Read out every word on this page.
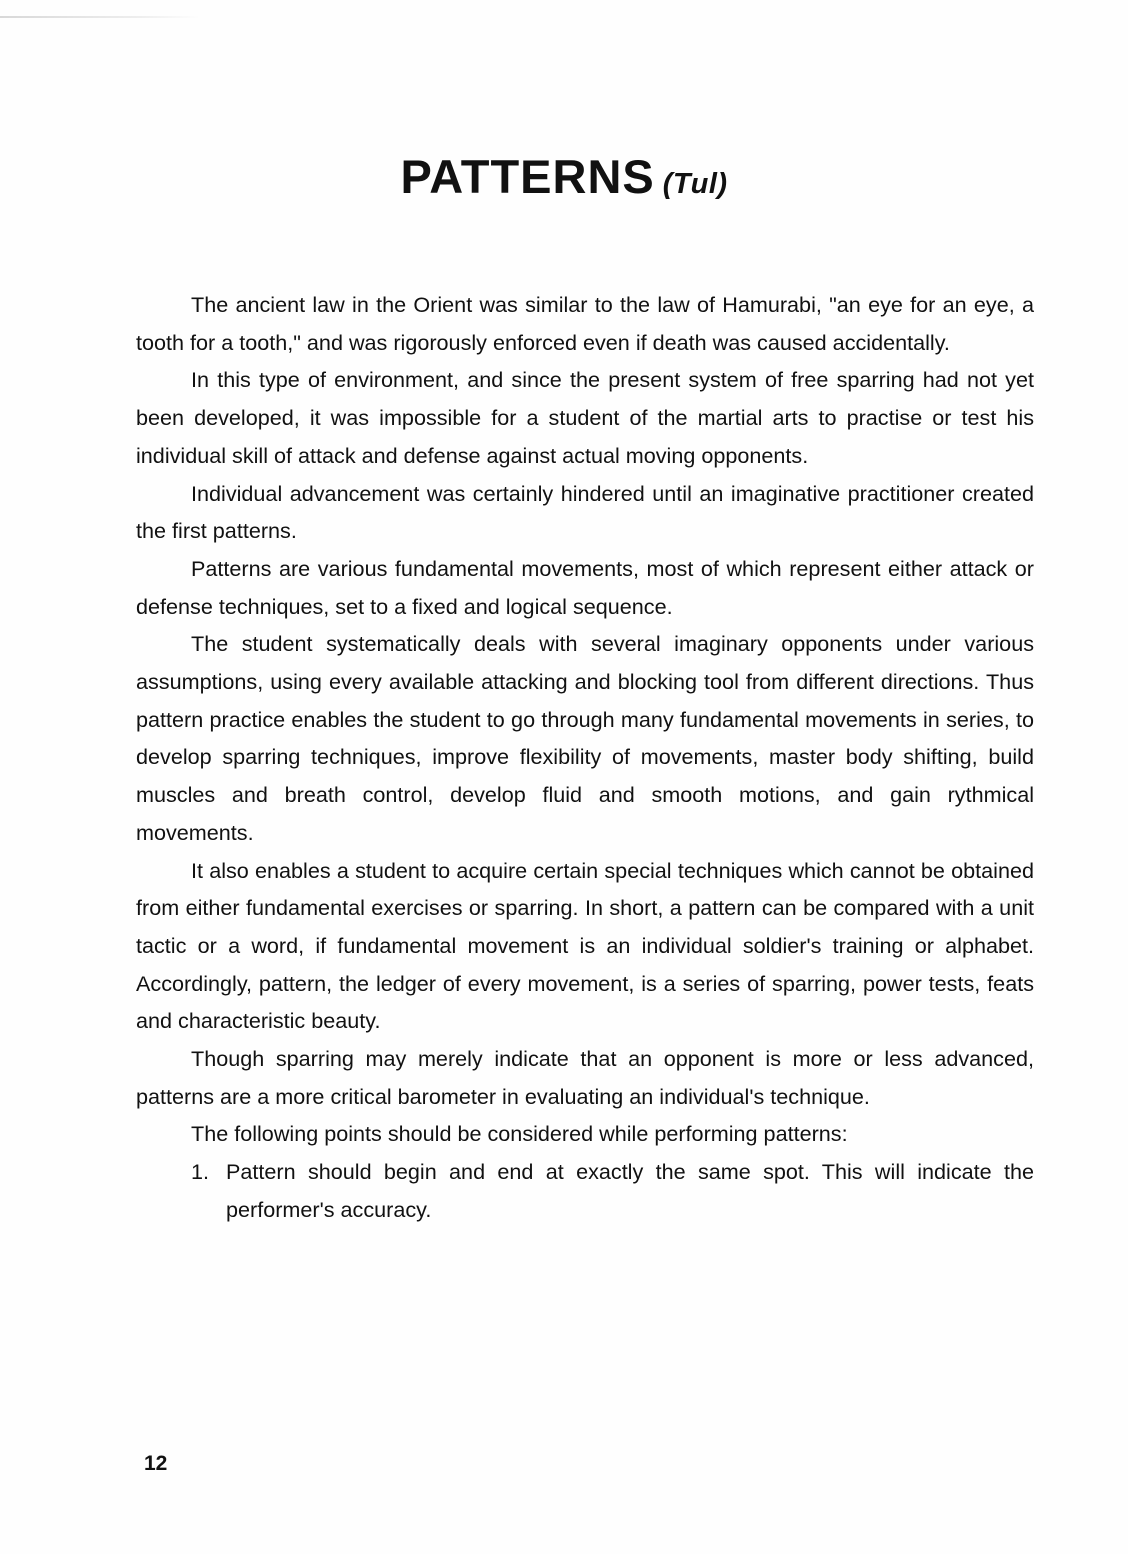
PATTERNS (Tul)

The ancient law in the Orient was similar to the law of Hamurabi, "an eye for an eye, a tooth for a tooth," and was rigorously enforced even if death was caused accidentally.

In this type of environment, and since the present system of free sparring had not yet been developed, it was impossible for a student of the martial arts to practise or test his individual skill of attack and defense against actual moving opponents.

Individual advancement was certainly hindered until an imaginative practitioner created the first patterns.

Patterns are various fundamental movements, most of which represent either attack or defense techniques, set to a fixed and logical sequence.

The student systematically deals with several imaginary opponents under various assumptions, using every available attacking and blocking tool from different directions. Thus pattern practice enables the student to go through many fundamental movements in series, to develop sparring techniques, improve flexibility of movements, master body shifting, build muscles and breath control, develop fluid and smooth motions, and gain rythmical movements.

It also enables a student to acquire certain special techniques which cannot be obtained from either fundamental exercises or sparring. In short, a pattern can be compared with a unit tactic or a word, if fundamental movement is an individual soldier's training or alphabet. Accordingly, pattern, the ledger of every movement, is a series of sparring, power tests, feats and characteristic beauty.

Though sparring may merely indicate that an opponent is more or less advanced, patterns are a more critical barometer in evaluating an individual's technique.

The following points should be considered while performing patterns:

1. Pattern should begin and end at exactly the same spot. This will indicate the performer's accuracy.
12
